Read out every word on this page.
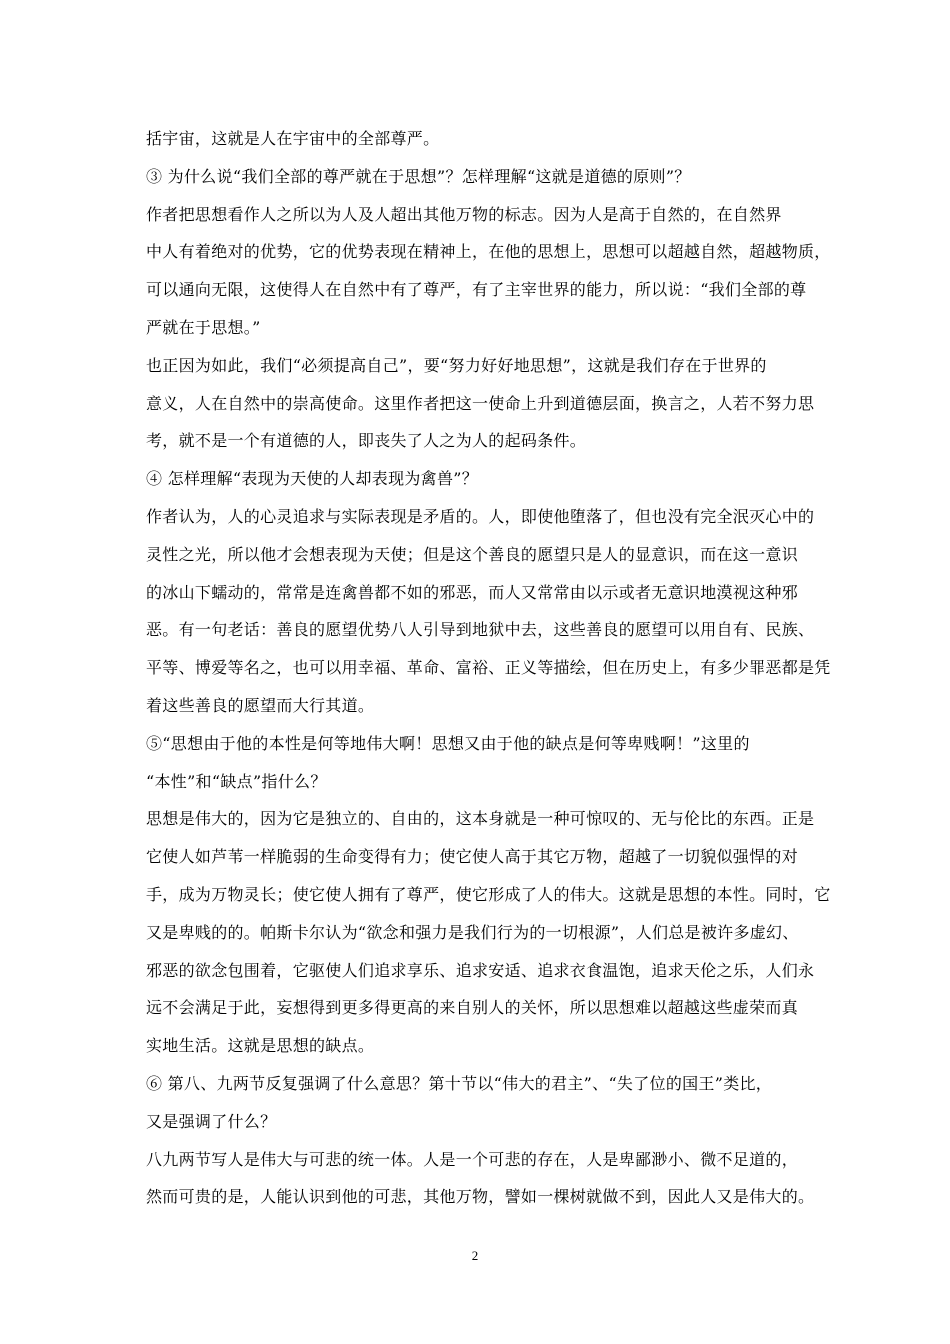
括宇宙，这就是人在宇宙中的全部尊严。
③ 为什么说“我们全部的尊严就在于思想”？怎样理解“这就是道德的原则”？
作者把思想看作人之所以为人及人超出其他万物的标志。因为人是高于自然的，在自然界
中人有着绝对的优势，它的优势表现在精神上，在他的思想上，思想可以超越自然，超越物质，
可以通向无限，这使得人在自然中有了尊严，有了主宰世界的能力，所以说：“我们全部的尊
严就在于思想。”
也正因为如此，我们“必须提高自己”，要“努力好好地思想”，这就是我们存在于世界的
意义，人在自然中的崇高使命。这里作者把这一使命上升到道德层面，换言之，人若不努力思
考，就不是一个有道德的人，即丧失了人之为人的起码条件。
④ 怎样理解“表现为天使的人却表现为禽兽”？
作者认为，人的心灵追求与实际表现是矛盾的。人，即使他堕落了，但也没有完全泯灭心中的
灵性之光，所以他才会想表现为天使；但是这个善良的愿望只是人的显意识，而在这一意识
的冰山下蠕动的，常常是连禽兽都不如的邪恶，而人又常常由以示或者无意识地漠视这种邪
恶。有一句老话：善良的愿望优势八人引导到地狱中去，这些善良的愿望可以用自有、民族、
平等、博爱等名之，也可以用幸福、革命、富裕、正义等描绘，但在历史上，有多少罪恶都是凭
着这些善良的愿望而大行其道。
⑤“思想由于他的本性是何等地伟大啊！思想又由于他的缺点是何等卑贱啊！”这里的
“本性”和“缺点”指什么？
思想是伟大的，因为它是独立的、自由的，这本身就是一种可惊叹的、无与伦比的东西。正是
它使人如芦苇一样脆弱的生命变得有力；使它使人高于其它万物，超越了一切貌似强悍的对
手，成为万物灵长；使它使人拥有了尊严，使它形成了人的伟大。这就是思想的本性。同时，它
又是卑贱的的。帕斯卡尔认为“欲念和强力是我们行为的一切根源”，人们总是被许多虚幻、
邪恶的欲念包围着，它驱使人们追求享乐、追求安适、追求衣食温饱，追求天伦之乐，人们永
远不会满足于此，妄想得到更多得更高的来自别人的关怀，所以思想难以超越这些虚荣而真
实地生活。这就是思想的缺点。
⑥ 第八、九两节反复强调了什么意思？第十节以“伟大的君主”、“失了位的国王”类比，
又是强调了什么？
八九两节写人是伟大与可悲的统一体。人是一个可悲的存在，人是卑鄙渺小、微不足道的，
然而可贵的是，人能认识到他的可悲，其他万物，譬如一棵树就做不到，因此人又是伟大的。
2
